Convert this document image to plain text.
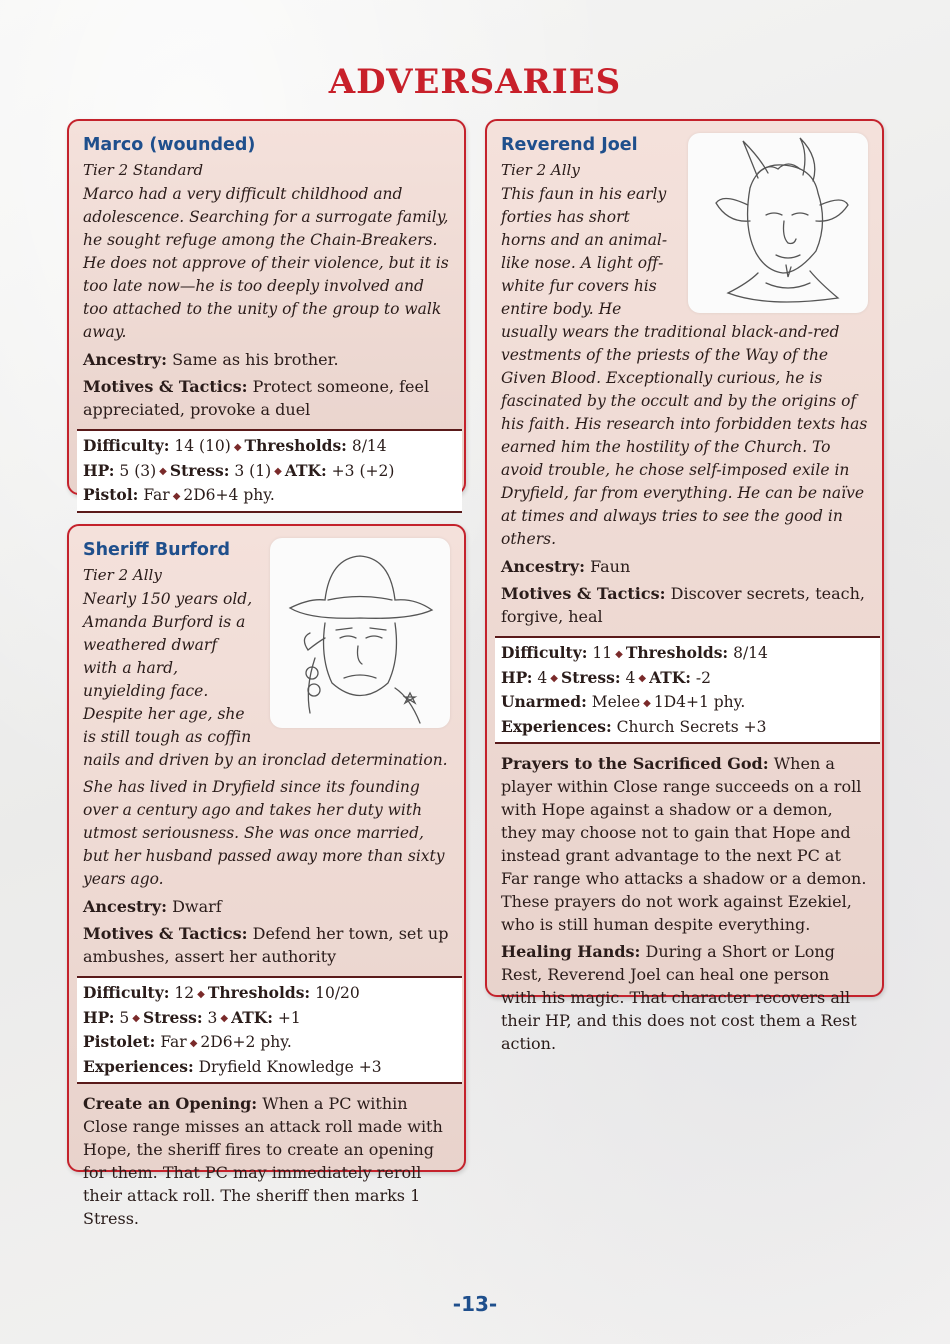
ADVERSARIES
Marco (wounded)
Tier 2 Standard

Marco had a very difficult childhood and adolescence. Searching for a surrogate family, he sought refuge among the Chain-Breakers. He does not approve of their violence, but it is too late now—he is too deeply involved and too attached to the unity of the group to walk away.

Ancestry: Same as his brother.

Motives & Tactics: Protect someone, feel appreciated, provoke a duel

Difficulty: 14 (10) ◆ Thresholds: 8/14
HP: 5 (3) ◆ Stress: 3 (1) ◆ ATK: +3 (+2)
Pistol: Far ◆ 2D6+4 phy.
Sheriff Burford
Tier 2 Ally

Nearly 150 years old, Amanda Burford is a weathered dwarf with a hard, unyielding face. Despite her age, she is still tough as coffin nails and driven by an ironclad determination.

She has lived in Dryfield since its founding over a century ago and takes her duty with utmost seriousness. She was once married, but her husband passed away more than sixty years ago.

Ancestry: Dwarf

Motives & Tactics: Defend her town, set up ambushes, assert her authority

Difficulty: 12 ◆ Thresholds: 10/20
HP: 5 ◆ Stress: 3 ◆ ATK: +1
Pistolet: Far ◆ 2D6+2 phy.
Experiences: Dryfield Knowledge +3

Create an Opening: When a PC within Close range misses an attack roll made with Hope, the sheriff fires to create an opening for them. That PC may immediately reroll their attack roll. The sheriff then marks 1 Stress.

Reverend Joel
Tier 2 Ally

This faun in his early forties has short horns and an animal-like nose. A light off-white fur covers his entire body. He usually wears the traditional black-and-red vestments of the priests of the Way of the Given Blood. Exceptionally curious, he is fascinated by the occult and by the origins of his faith. His research into forbidden texts has earned him the hostility of the Church. To avoid trouble, he chose self-imposed exile in Dryfield, far from everything. He can be naïve at times and always tries to see the good in others.

Ancestry: Faun

Motives & Tactics: Discover secrets, teach, forgive, heal

Difficulty: 11 ◆ Thresholds: 8/14
HP: 4 ◆ Stress: 4 ◆ ATK: -2
Unarmed: Melee ◆ 1D4+1 phy.
Experiences: Church Secrets +3

Prayers to the Sacrificed God: When a player within Close range succeeds on a roll with Hope against a shadow or a demon, they may choose not to gain that Hope and instead grant advantage to the next PC at Far range who attacks a shadow or a demon. These prayers do not work against Ezekiel, who is still human despite everything.

Healing Hands: During a Short or Long Rest, Reverend Joel can heal one person with his magic. That character recovers all their HP, and this does not cost them a Rest action.

-13-
